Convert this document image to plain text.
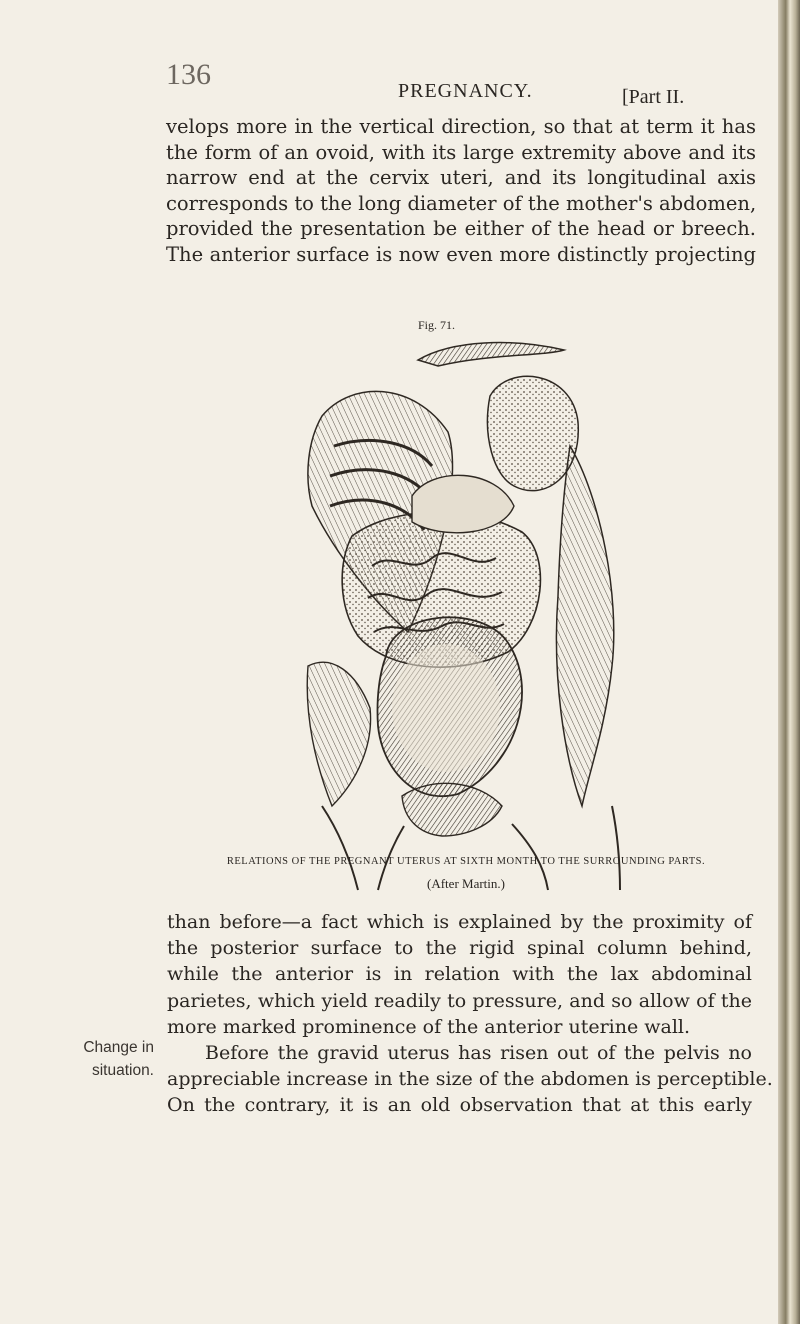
136	PREGNANCY.	[Part II.
velops more in the vertical direction, so that at term it has
the form of an ovoid, with its large extremity above and its
narrow end at the cervix uteri, and its longitudinal axis
corresponds to the long diameter of the mother's abdomen,
provided the presentation be either of the head or breech.
The anterior surface is now even more distinctly projecting
Fig. 71.
RELATIONS OF THE PREGNANT UTERUS AT SIXTH MONTH TO THE SURROUNDING PARTS.
(After Martin.)
than before—a fact which is explained by the proximity of
the posterior surface to the rigid spinal column behind,
while the anterior is in relation with the lax abdominal
parietes, which yield readily to pressure, and so allow of the
more marked prominence of the anterior uterine wall.
Before the gravid uterus has risen out of the pelvis no
appreciable increase in the size of the abdomen is perceptible.
On the contrary, it is an old observation that at this early
Change in
situation.
